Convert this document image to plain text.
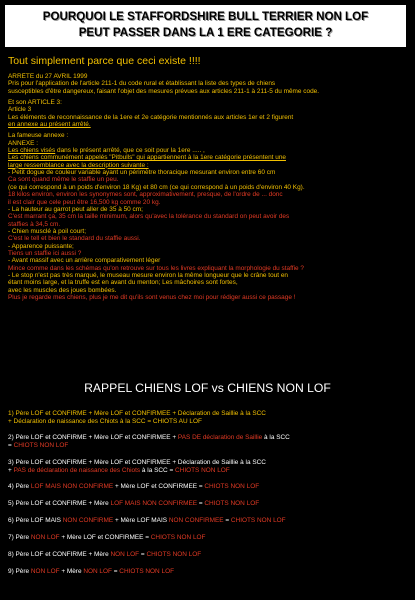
POURQUOI LE STAFFORDSHIRE BULL TERRIER NON LOF
PEUT PASSER DANS LA 1 ERE CATEGORIE ?
Tout simplement parce que ceci existe !!!!
ARRÊTE du 27 AVRIL 1999
Pris pour l'application de l'article 211-1 du code rural et établissant la liste des types de chiens
susceptibles d'être dangereux, faisant l'objet des mesures prévues aux articles 211-1 à 211-5 du même code.
Et son ARTICLE 3:
Article 3
Les éléments de reconnaissance de la 1ere et 2e catégorie mentionnés aux articles 1er et 2 figurent
en annexe au présent arrêté.
La fameuse annexe :
ANNEXE :
Les chiens visés dans le présent arrêté, que ce soit pour la 1ere ..... ,
Les chiens communément appelés "Pitbulls" qui appartiennent à la 1ere catégorie présentent une
large ressemblance avec la description suivante :
- Petit dogue de couleur variable ayant un périmètre thoracique mesurant environ entre 60 cm
Ca sont quand même le staffie un peu.
(ce qui correspond à un poids d'environ 18 Kg) et 80 cm (ce qui correspond à un poids d'environ 40 Kg).
18 kilos environ, environ les synonymes sont, approximativement, presque, de l'ordre de ... donc
il est clair que cele peut être 16,500 kg comme 20 kg.
- La hauteur au garrot peut aller de 35 à 50 cm;
C'est marrant ça, 35 cm la taille minimum, alors qu'avec la tolérance du standard on peut avoir des
staffies à 34,5 cm.
- Chien musclé à poil court;
C'est le tell et bien le standard du staffie aussi.
- Apparence puissante;
Tiens un staffie ici aussi ?
- Avant massif avec un arrière comparativement léger
Mince comme dans les schémas qu'on retrouve sur tous les livres expliquant la morphologie du staffie ?
- Le stop n'est pas très marqué, le museau mesure environ la même longueur que le crâne tout en
étant moins large, et la truffe est en avant du menton; Les mâchoires sont fortes,
avec les muscles des joues bombées.
Plus je regarde mes chiens, plus je me dit qu'ils sont venus chez moi pour rédiger aussi ce passage !
RAPPEL CHIENS LOF vs CHIENS NON LOF
1) Père LOF et CONFIRME + Mère LOF et CONFIRMEE + Déclaration de Saillie à la SCC
+ Déclaration de naissance des Chiots à la SCC = CHIOTS AU LOF
2) Père LOF et CONFIRME + Mère LOF et CONFIRMEE + PAS DE déclaration de Saillie à la SCC
= CHIOTS NON LOF
3) Père LOF et CONFIRME + Mère LOF et CONFIRMEE + Déclaration de Saillie à la SCC
+ PAS de déclaration de naissance des Chiots à la SCC = CHIOTS NON LOF
4) Père LOF MAIS NON CONFIRME + Mère LOF et CONFIRMEE = CHIOTS NON LOF
5) Père LOF et CONFIRME + Mère LOF MAIS NON CONFIRMEE = CHIOTS NON LOF
6) Père LOF MAIS NON CONFIRME + Mère LOF MAIS NON CONFIRMEE = CHIOTS NON LOF
7) Père NON LOF + Mère LOF et CONFIRMEE = CHIOTS NON LOF
8) Père LOF et CONFIRME + Mère NON LOF = CHIOTS NON LOF
9) Père NON LOF + Mère NON LOF = CHIOTS NON LOF
